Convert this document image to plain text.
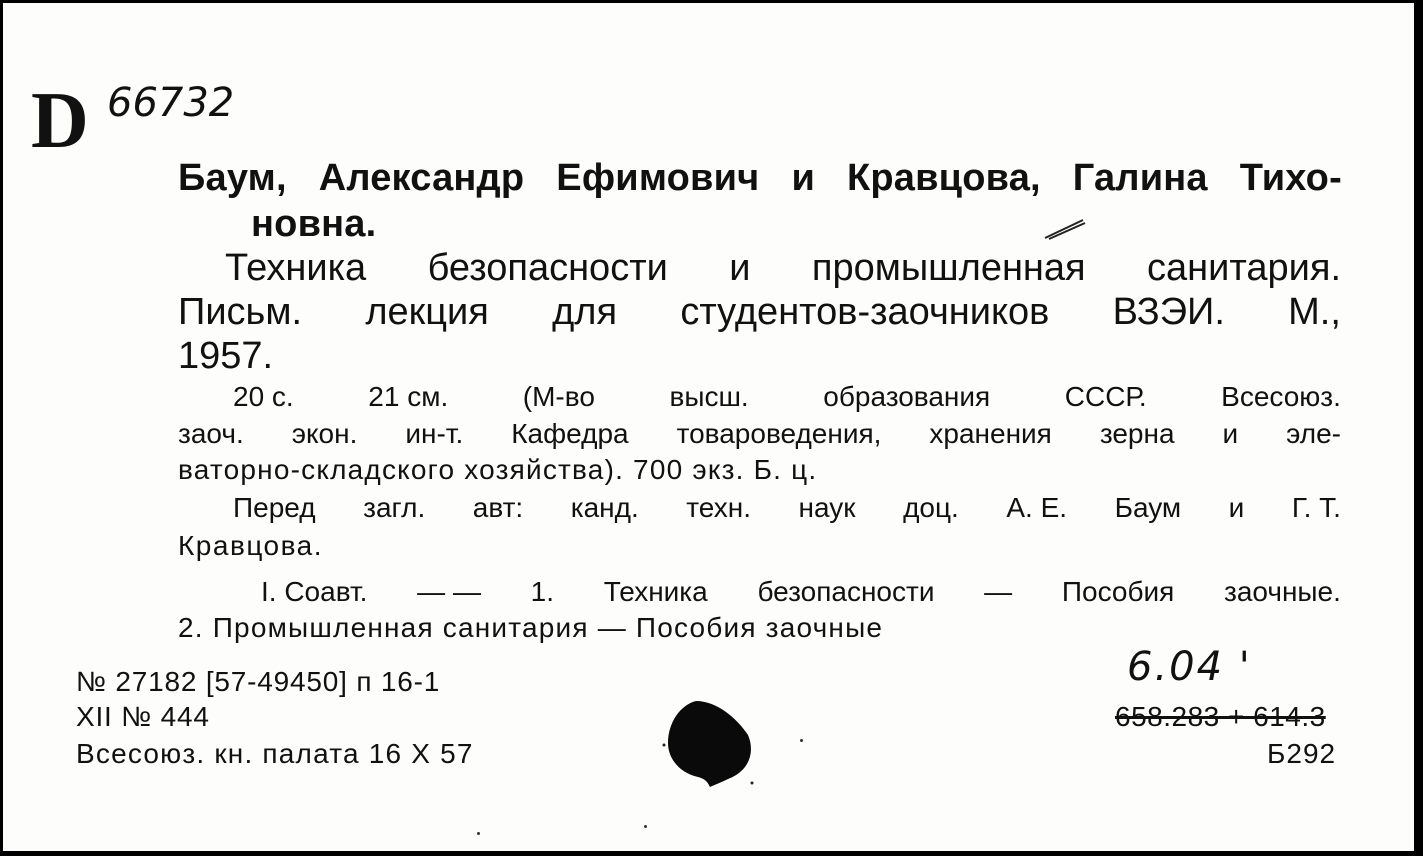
D 66732
Баум, Александр Ефимович и Кравцова, Галина Тихо-
новна.
Техника безопасности и промышленная санитария.
Письм. лекция для студентов-заочников ВЗЭИ. М.,
1957.
20 с.	21 см.	(М-во	высш.	образования	СССР.	Всесоюз.
заоч. экон. ин-т. Кафедра товароведения, хранения зерна и эле-
ваторно-складского хозяйства). 700 экз. Б. ц.
Перед загл. авт: канд. техн. наук доц. А. Е. Баум и Г. Т.
Кравцова.
I. Соавт. — — 1. Техника безопасности — Пособия заочные.
2. Промышленная санитария — Пособия заочные
№ 27182 [57-49450] п 16-1
XII № 444
Всесоюз. кн. палата 16 X 57
6.04 '
658.283 + 614.3
Б292
